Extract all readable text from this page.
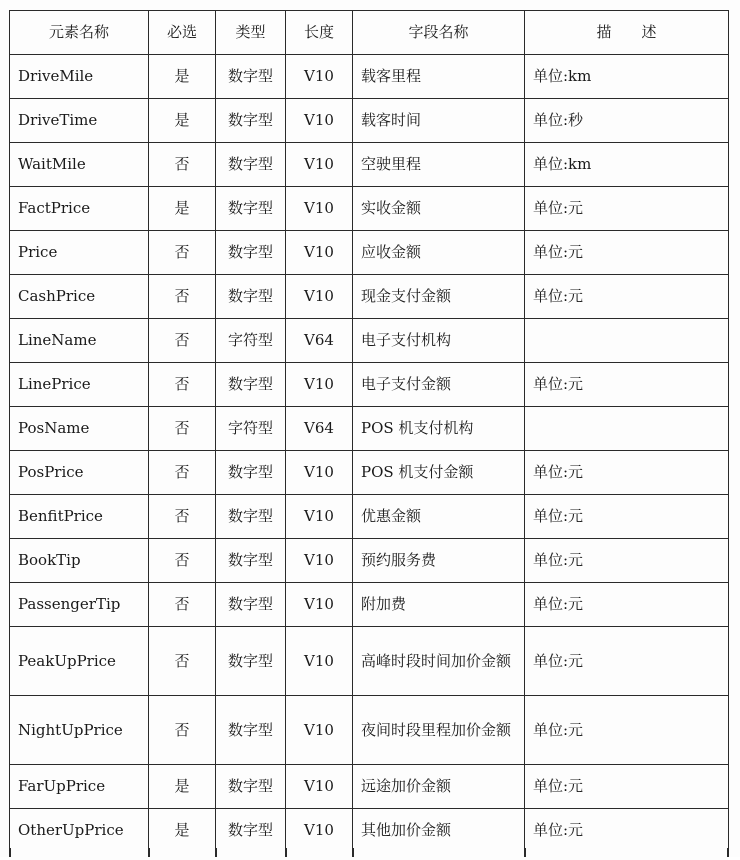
元素名称	必选	类型	长度	字段名称	描　　述
DriveMile	是	数字型	V10	载客里程	单位:km
DriveTime	是	数字型	V10	载客时间	单位:秒
WaitMile	否	数字型	V10	空驶里程	单位:km
FactPrice	是	数字型	V10	实收金额	单位:元
Price	否	数字型	V10	应收金额	单位:元
CashPrice	否	数字型	V10	现金支付金额	单位:元
LineName	否	字符型	V64	电子支付机构	
LinePrice	否	数字型	V10	电子支付金额	单位:元
PosName	否	字符型	V64	POS 机支付机构	
PosPrice	否	数字型	V10	POS 机支付金额	单位:元
BenfitPrice	否	数字型	V10	优惠金额	单位:元
BookTip	否	数字型	V10	预约服务费	单位:元
PassengerTip	否	数字型	V10	附加费	单位:元
PeakUpPrice	否	数字型	V10	高峰时段时间加价金额	单位:元
NightUpPrice	否	数字型	V10	夜间时段里程加价金额	单位:元
FarUpPrice	是	数字型	V10	远途加价金额	单位:元
OtherUpPrice	是	数字型	V10	其他加价金额	单位:元
